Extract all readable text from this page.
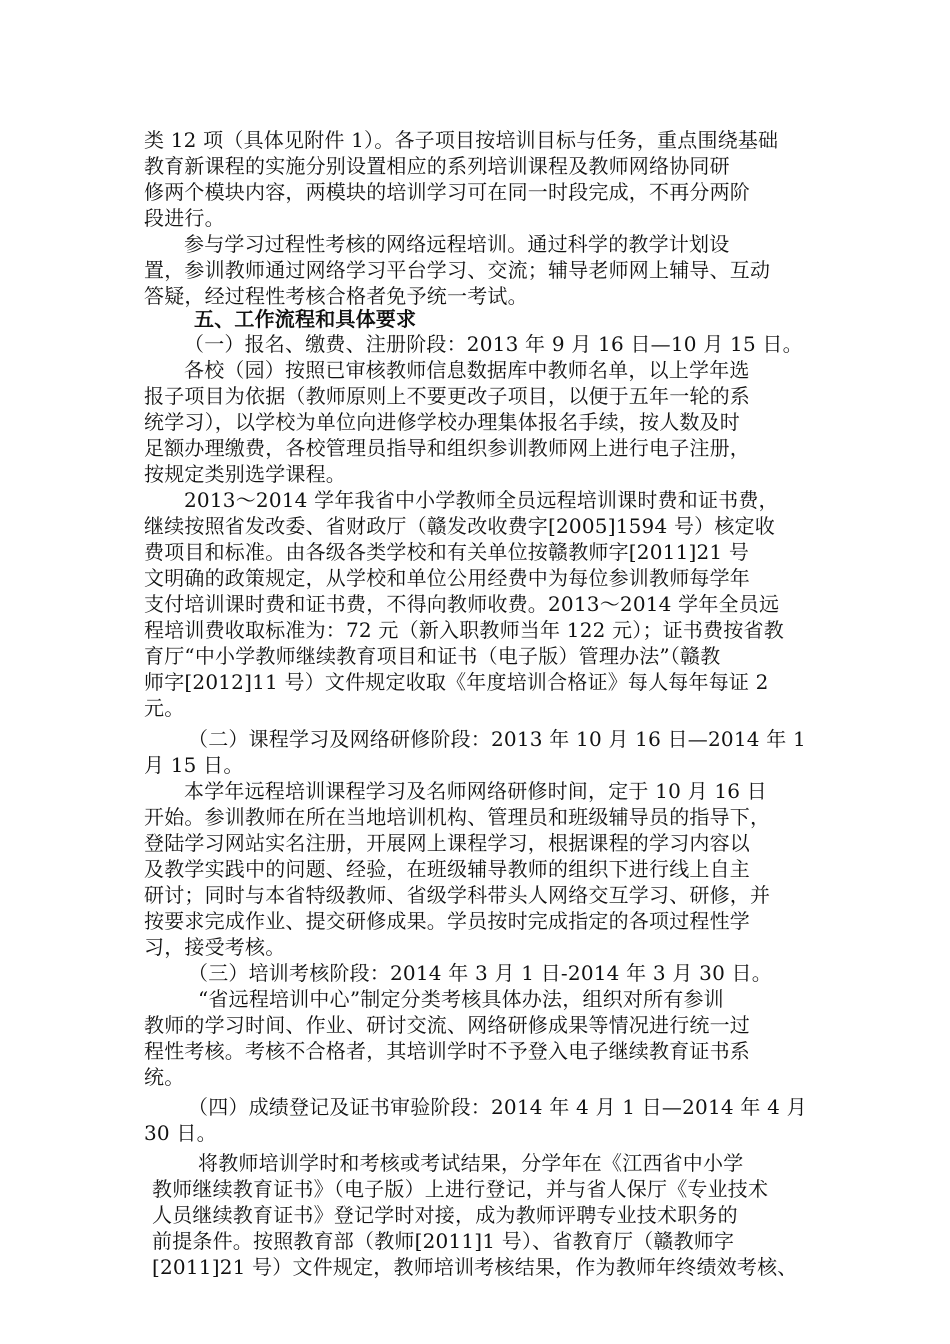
类 12 项（具体见附件 1）。各子项目按培训目标与任务，重点围绕基础
教育新课程的实施分别设置相应的系列培训课程及教师网络协同研
修两个模块内容，两模块的培训学习可在同一时段完成，不再分两阶
段进行。
参与学习过程性考核的网络远程培训。通过科学的教学计划设
置，参训教师通过网络学习平台学习、交流；辅导老师网上辅导、互动
答疑，经过程性考核合格者免予统一考试。
五、工作流程和具体要求
（一）报名、缴费、注册阶段：2013 年 9 月 16 日—10 月 15 日。
各校（园）按照已审核教师信息数据库中教师名单，以上学年选
报子项目为依据（教师原则上不要更改子项目，以便于五年一轮的系
统学习），以学校为单位向进修学校办理集体报名手续，按人数及时
足额办理缴费，各校管理员指导和组织参训教师网上进行电子注册，
按规定类别选学课程。
2013～2014 学年我省中小学教师全员远程培训课时费和证书费，
继续按照省发改委、省财政厅（赣发改收费字[2005]1594 号）核定收
费项目和标准。由各级各类学校和有关单位按赣教师字[2011]21 号
文明确的政策规定，从学校和单位公用经费中为每位参训教师每学年
支付培训课时费和证书费，不得向教师收费。2013～2014 学年全员远
程培训费收取标准为：72 元（新入职教师当年 122 元）；证书费按省教
育厅“中小学教师继续教育项目和证书（电子版）管理办法”（赣教
师字[2012]11 号）文件规定收取《年度培训合格证》每人每年每证 2
元。
（二）课程学习及网络研修阶段：2013 年 10 月 16 日—2014 年 1
月 15 日。
本学年远程培训课程学习及名师网络研修时间，定于 10 月 16 日
开始。参训教师在所在当地培训机构、管理员和班级辅导员的指导下，
登陆学习网站实名注册，开展网上课程学习，根据课程的学习内容以
及教学实践中的问题、经验，在班级辅导教师的组织下进行线上自主
研讨；同时与本省特级教师、省级学科带头人网络交互学习、研修，并
按要求完成作业、提交研修成果。学员按时完成指定的各项过程性学
习，接受考核。
（三）培训考核阶段：2014 年 3 月 1 日-2014 年 3 月 30 日。
“省远程培训中心”制定分类考核具体办法，组织对所有参训
教师的学习时间、作业、研讨交流、网络研修成果等情况进行统一过
程性考核。考核不合格者，其培训学时不予登入电子继续教育证书系
统。
（四）成绩登记及证书审验阶段：2014 年 4 月 1 日—2014 年 4 月
30 日。
将教师培训学时和考核或考试结果，分学年在《江西省中小学
教师继续教育证书》（电子版）上进行登记，并与省人保厅《专业技术
人员继续教育证书》登记学时对接，成为教师评聘专业技术职务的
前提条件。按照教育部（教师[2011]1 号）、省教育厅（赣教师字
[2011]21 号）文件规定，教师培训考核结果，作为教师年终绩效考核、
